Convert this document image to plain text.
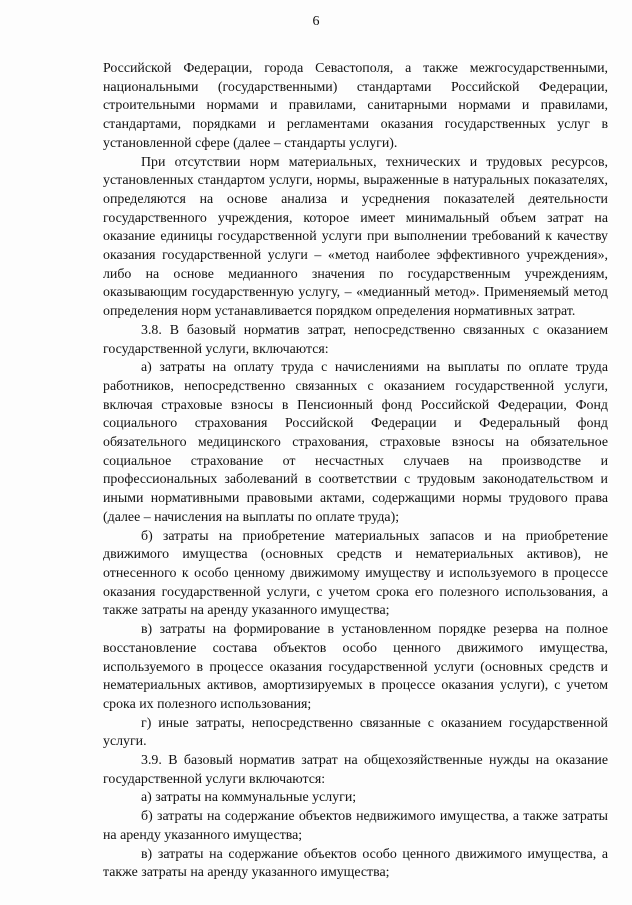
6

Российской Федерации, города Севастополя, а также межгосударственными, национальными (государственными) стандартами Российской Федерации, строительными нормами и правилами, санитарными нормами и правилами, стандартами, порядками и регламентами оказания государственных услуг в установленной сфере (далее – стандарты услуги).

При отсутствии норм материальных, технических и трудовых ресурсов, установленных стандартом услуги, нормы, выраженные в натуральных показателях, определяются на основе анализа и усреднения показателей деятельности государственного учреждения, которое имеет минимальный объем затрат на оказание единицы государственной услуги при выполнении требований к качеству оказания государственной услуги – «метод наиболее эффективного учреждения», либо на основе медианного значения по государственным учреждениям, оказывающим государственную услугу, – «медианный метод». Применяемый метод определения норм устанавливается порядком определения нормативных затрат.

3.8. В базовый норматив затрат, непосредственно связанных с оказанием государственной услуги, включаются:

а) затраты на оплату труда с начислениями на выплаты по оплате труда работников, непосредственно связанных с оказанием государственной услуги, включая страховые взносы в Пенсионный фонд Российской Федерации, Фонд социального страхования Российской Федерации и Федеральный фонд обязательного медицинского страхования, страховые взносы на обязательное социальное страхование от несчастных случаев на производстве и профессиональных заболеваний в соответствии с трудовым законодательством и иными нормативными правовыми актами, содержащими нормы трудового права (далее – начисления на выплаты по оплате труда);

б) затраты на приобретение материальных запасов и на приобретение движимого имущества (основных средств и нематериальных активов), не отнесенного к особо ценному движимому имуществу и используемого в процессе оказания государственной услуги, с учетом срока его полезного использования, а также затраты на аренду указанного имущества;

в) затраты на формирование в установленном порядке резерва на полное восстановление состава объектов особо ценного движимого имущества, используемого в процессе оказания государственной услуги (основных средств и нематериальных активов, амортизируемых в процессе оказания услуги), с учетом срока их полезного использования;

г) иные затраты, непосредственно связанные с оказанием государственной услуги.

3.9. В базовый норматив затрат на общехозяйственные нужды на оказание государственной услуги включаются:

а) затраты на коммунальные услуги;

б) затраты на содержание объектов недвижимого имущества, а также затраты на аренду указанного имущества;

в) затраты на содержание объектов особо ценного движимого имущества, а также затраты на аренду указанного имущества;
